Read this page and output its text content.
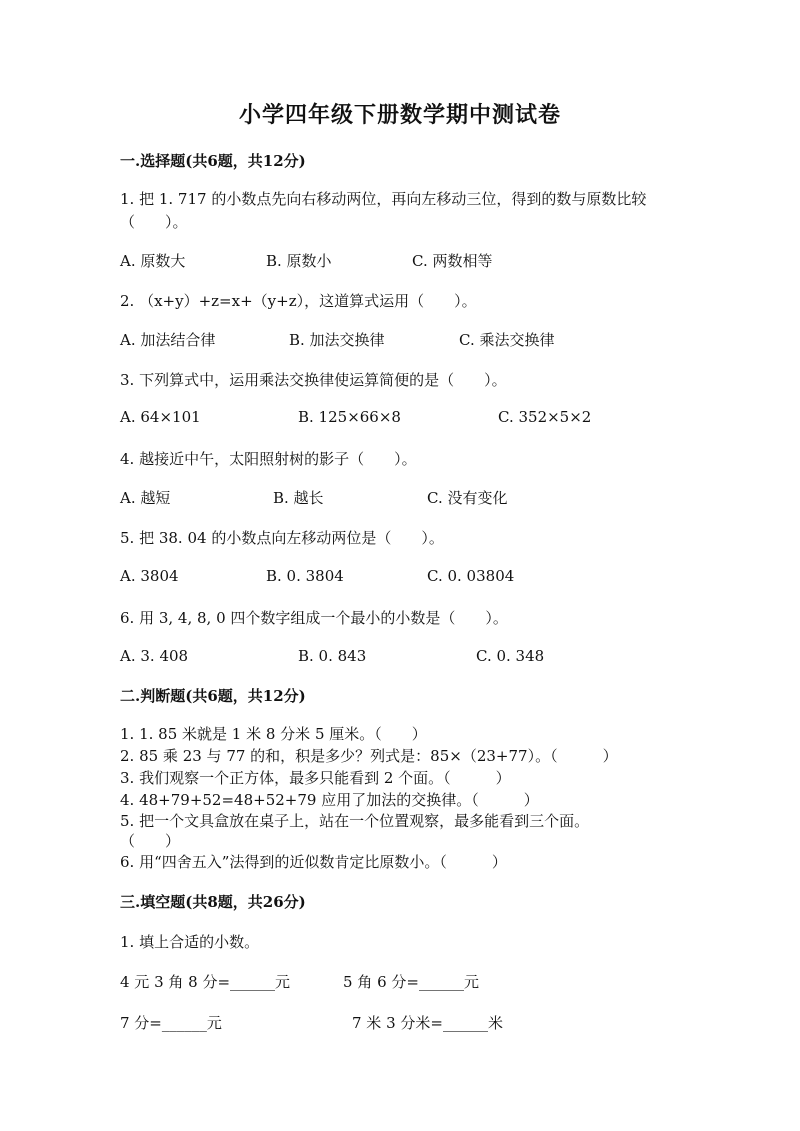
小学四年级下册数学期中测试卷
一.选择题(共6题，共12分)
1. 把 1. 717 的小数点先向右移动两位，再向左移动三位，得到的数与原数比较
（　　）。
A. 原数大	B. 原数小	C. 两数相等
2. （x+y）+z=x+（y+z），这道算式运用（　　）。
A. 加法结合律	B. 加法交换律	C. 乘法交换律
3. 下列算式中，运用乘法交换律使运算简便的是（　　）。
A. 64×101	B. 125×66×8	C. 352×5×2
4. 越接近中午，太阳照射树的影子（　　）。
A. 越短	B. 越长	C. 没有变化
5. 把 38. 04 的小数点向左移动两位是（　　）。
A. 3804	B. 0. 3804	C. 0. 03804
6. 用 3, 4, 8, 0 四个数字组成一个最小的小数是（　　）。
A. 3. 408	B. 0. 843	C. 0. 348
二.判断题(共6题，共12分)
1. 1. 85 米就是 1 米 8 分米 5 厘米。（　　）
2. 85 乘 23 与 77 的和，积是多少？列式是：85×（23+77）。（　　　）
3. 我们观察一个正方体，最多只能看到 2 个面。（　　　）
4. 48+79+52=48+52+79 应用了加法的交换律。（　　　）
5. 把一个文具盒放在桌子上，站在一个位置观察，最多能看到三个面。
（　　）
6. 用“四舍五入”法得到的近似数肯定比原数小。（　　　）
三.填空题(共8题，共26分)
1. 填上合适的小数。
4 元 3 角 8 分=______元	5 角 6 分=______元
7 分=______元	7 米 3 分米=______米
